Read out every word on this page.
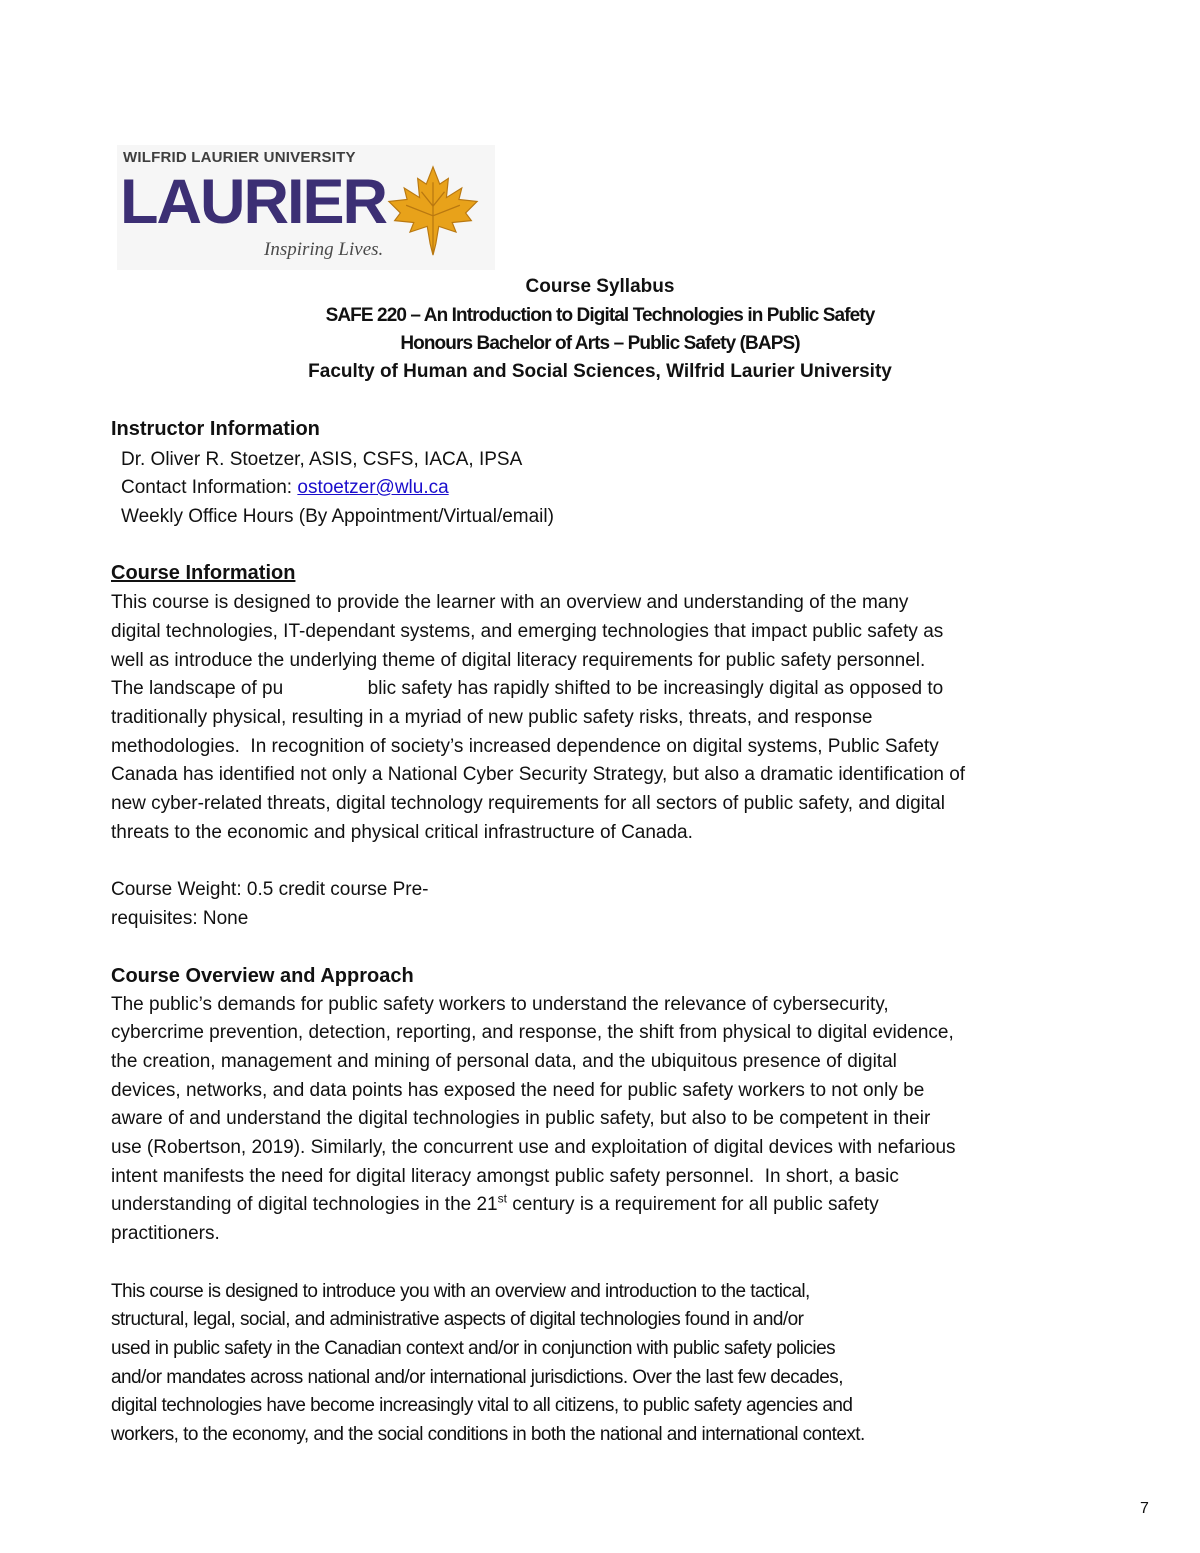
WILFRID LAURIER UNIVERSITY
LAURIER
Inspiring Lives.
Course Syllabus
SAFE 220 – An Introduction to Digital Technologies in Public Safety
Honours Bachelor of Arts – Public Safety (BAPS)
Faculty of Human and Social Sciences, Wilfrid Laurier University
Instructor Information
Dr. Oliver R. Stoetzer, ASIS, CSFS, IACA, IPSA
Contact Information: ostoetzer@wlu.ca
Weekly Office Hours (By Appointment/Virtual/email)
Course Information
This course is designed to provide the learner with an overview and understanding of the many
digital technologies, IT-dependant systems, and emerging technologies that impact public safety as
well as introduce the underlying theme of digital literacy requirements for public safety personnel.
The landscape of pu                blic safety has rapidly shifted to be increasingly digital as opposed to
traditionally physical, resulting in a myriad of new public safety risks, threats, and response
methodologies.  In recognition of society’s increased dependence on digital systems, Public Safety
Canada has identified not only a National Cyber Security Strategy, but also a dramatic identification of
new cyber-related threats, digital technology requirements for all sectors of public safety, and digital
threats to the economic and physical critical infrastructure of Canada.
Course Weight: 0.5 credit course Pre-
requisites: None
Course Overview and Approach
The public’s demands for public safety workers to understand the relevance of cybersecurity,
cybercrime prevention, detection, reporting, and response, the shift from physical to digital evidence,
the creation, management and mining of personal data, and the ubiquitous presence of digital
devices, networks, and data points has exposed the need for public safety workers to not only be
aware of and understand the digital technologies in public safety, but also to be competent in their
use (Robertson, 2019). Similarly, the concurrent use and exploitation of digital devices with nefarious
intent manifests the need for digital literacy amongst public safety personnel.  In short, a basic
understanding of digital technologies in the 21st century is a requirement for all public safety
practitioners.
This course is designed to introduce you with an overview and introduction to the tactical,
structural, legal, social, and administrative aspects of digital technologies found in and/or
used in public safety in the Canadian context and/or in conjunction with public safety policies
and/or mandates across national and/or international jurisdictions. Over the last few decades,
digital technologies have become increasingly vital to all citizens, to public safety agencies and
workers, to the economy, and the social conditions in both the national and international context.
7
